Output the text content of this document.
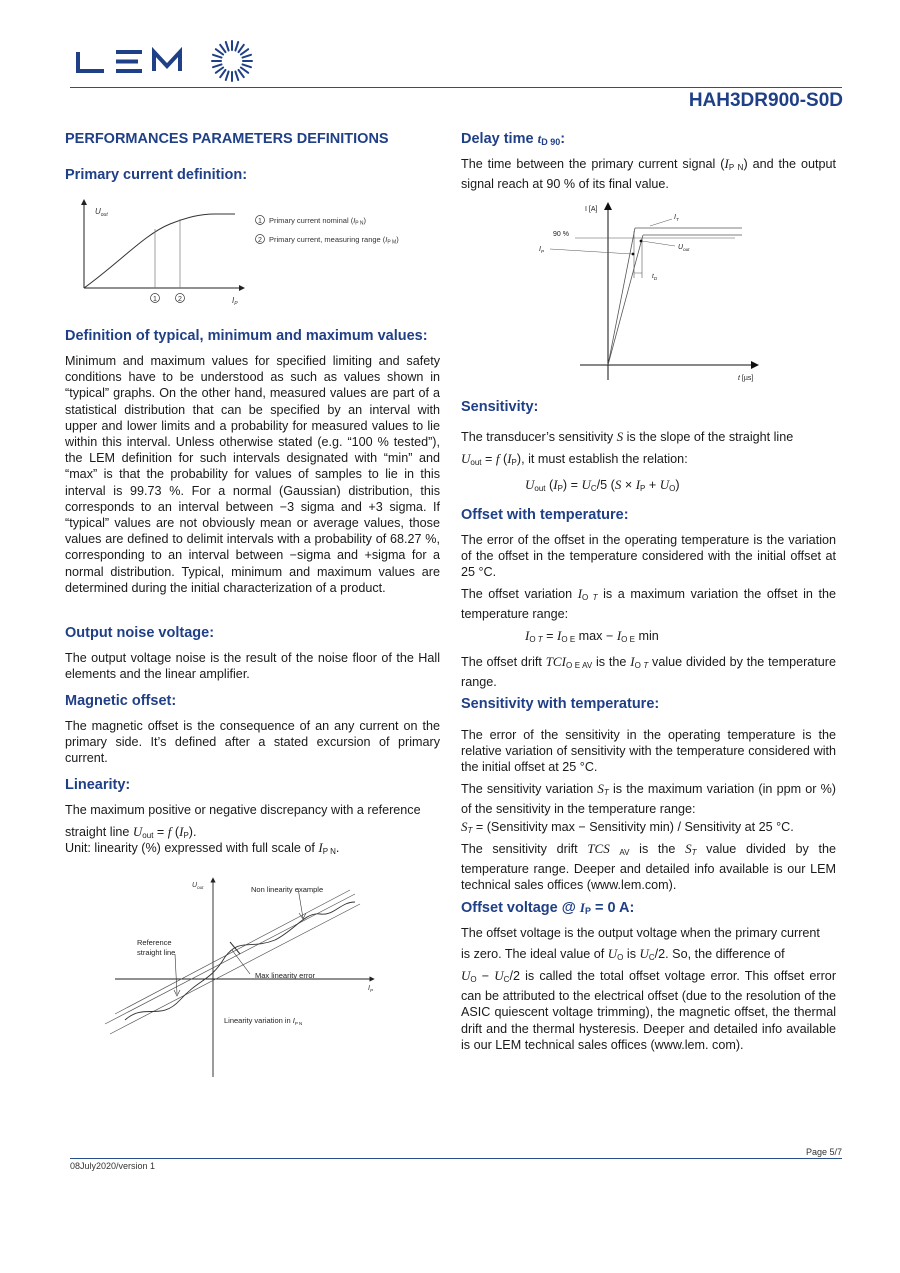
HAH3DR900-S0D
PERFORMANCES PARAMETERS DEFINITIONS
Primary current definition:
$U_{out}$
$I_P$
1	2
1 Primary current nominal $(I_{P N})$
2 Primary current, measuring range $(I_{P M})$
Definition of typical, minimum and maximum values:
Minimum and maximum values for specified limiting and safety conditions have to be understood as such as values shown in “typical” graphs. On the other hand, measured values are part of a statistical distribution that can be specified by an interval with upper and lower limits and a probability for measured values to lie within this interval. Unless otherwise stated (e.g. “100 % tested”), the LEM definition for such intervals designated with “min” and “max” is that the probability for values of samples to lie in this interval is 99.73 %. For a normal (Gaussian) distribution, this corresponds to an interval between −3 sigma and +3 sigma. If “typical” values are not obviously mean or average values, those values are defined to delimit intervals with a probability of 68.27 %, corresponding to an interval between −sigma and +sigma for a normal distribution. Typical, minimum and maximum values are determined during the initial characterization of a product.
Output noise voltage:
The output voltage noise is the result of the noise floor of the Hall elements and the linear amplifier.
Magnetic offset:
The magnetic offset is the consequence of an any current on the primary side. It’s defined after a stated excursion of primary current.
Linearity:
The maximum positive or negative discrepancy with a reference
straight line $U_{out} = f$ $(I_P)$.
Unit: linearity (%) expressed with full scale of $I_{P N}$.
$U_{out}$
$I_P$
Non linearity example
Reference
straight line
Max linearity error
Linearity variation in $I_{P N}$
Delay time $t_{D 90}$:
The time between the primary current signal $(I_{P N})$ and the output signal reach at 90 % of its final value.
I [A]
t [µs]
90 %
$I_T$
$I_P$
$U_{out}$
$t_D$
Sensitivity:
The transducer’s sensitivity S is the slope of the straight line
$U_{out} = f$ $(I_P)$, it must establish the relation:
$U_{out}$ $(I_P) = U_C/5$ $(S \times I_P + U_O)$
Offset with temperature:
The error of the offset in the operating temperature is the variation of the offset in the temperature considered with the initial offset at 25 °C.
The offset variation $I_{O T}$ is a maximum variation the offset in the temperature range:
$I_{O T} = I_{O E}$ $\max - I_{O E}$ min
The offset drift $TCI_{O E AV}$ is the $I_{O T}$ value divided by the temperature range.
Sensitivity with temperature:
The error of the sensitivity in the operating temperature is the relative variation of sensitivity with the temperature considered with the initial offset at 25 °C.
The sensitivity variation $S_T$ is the maximum variation (in ppm or %) of the sensitivity in the temperature range:
$S_T$ = (Sensitivity max − Sensitivity min) / Sensitivity at 25 °C.
The sensitivity drift TCS $_{AV}$ is the $S_T$ value divided by the temperature range. Deeper and detailed info available is our LEM technical sales offices (www.lem.com).
Offset voltage @ $I_P = 0$ A:
The offset voltage is the output voltage when the primary current
is zero. The ideal value of $U_O$ is $U_C/2$. So, the difference of
$U_O - U_C/2$ is called the total offset voltage error. This offset error can be attributed to the electrical offset (due to the resolution of the ASIC quiescent voltage trimming), the magnetic offset, the thermal drift and the thermal hysteresis. Deeper and detailed info available is our LEM technical sales offices (www.lem. com).
Page 5/7
08July2020/version 1
